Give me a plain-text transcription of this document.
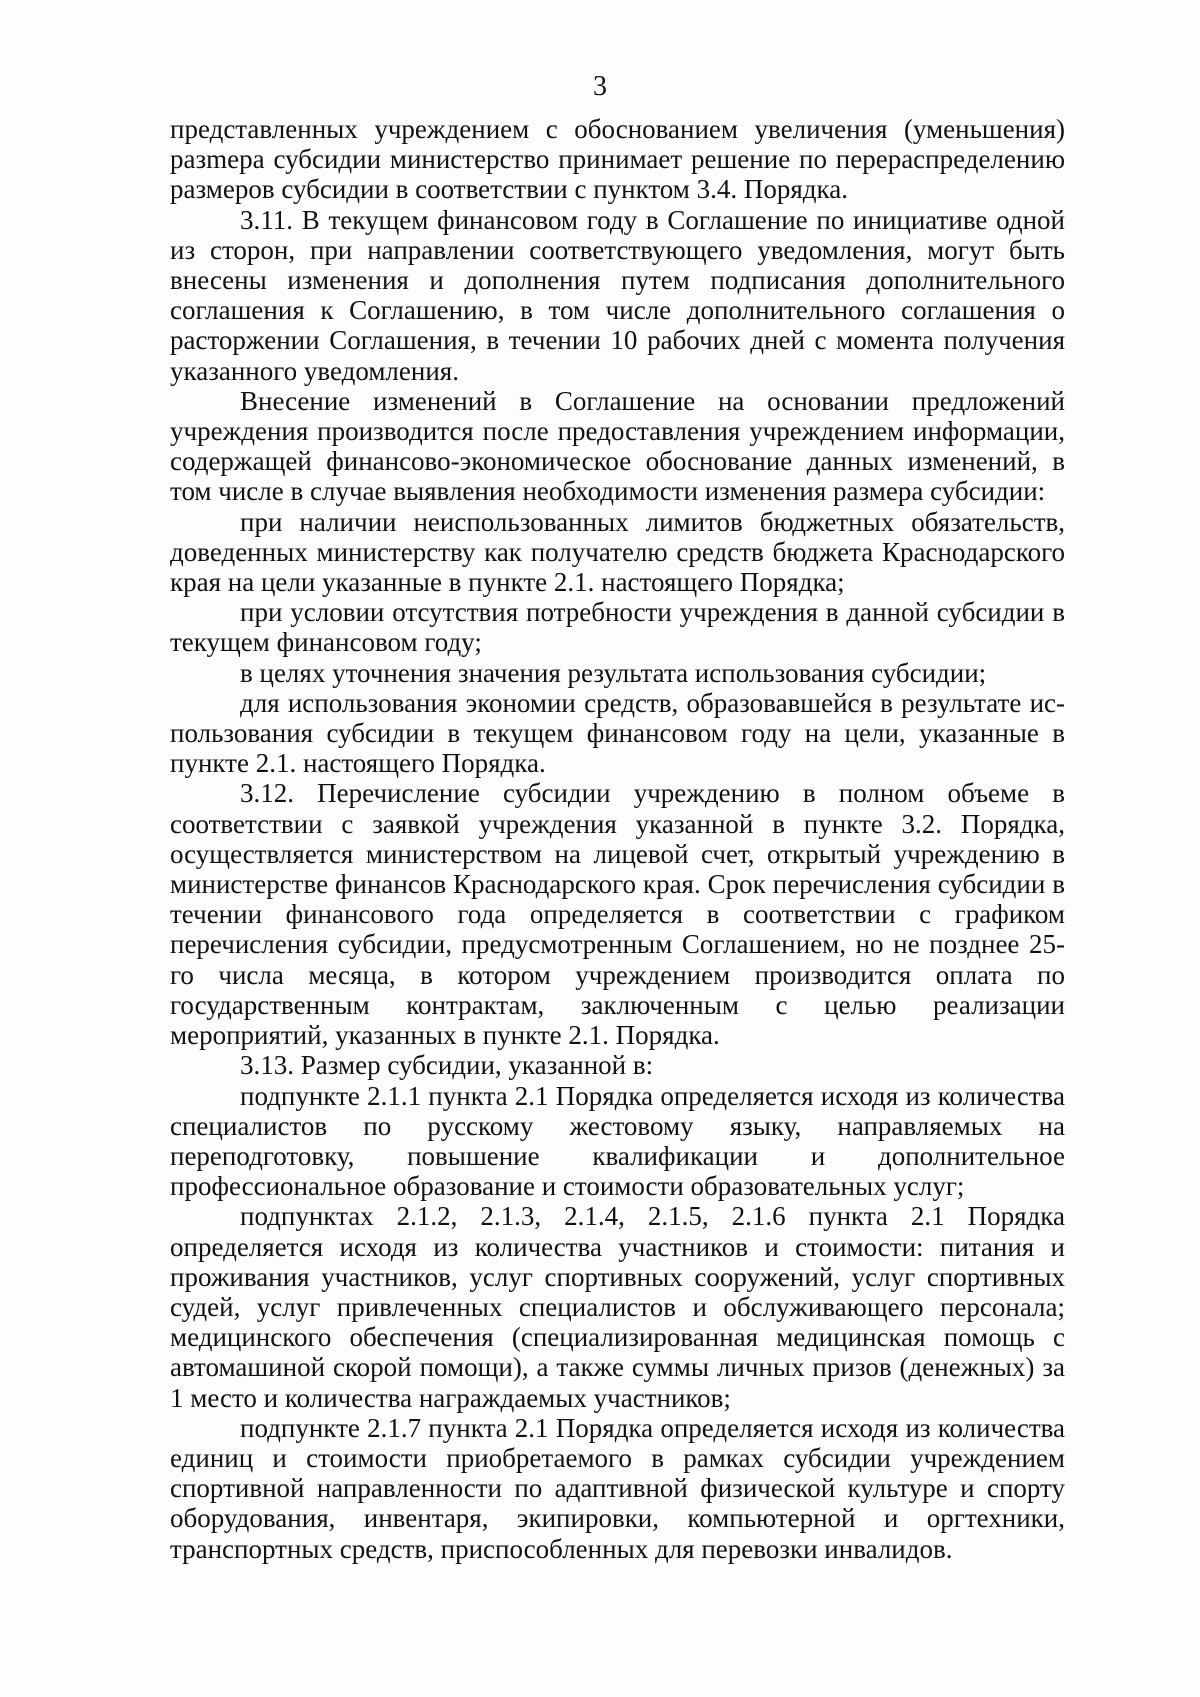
3

представленных учреждением с обоснованием увеличения (уменьшения) разmера субсидии министерство принимает решение по перераспределению размеров субсидии в соответствии с пунктом 3.4. Порядка.

3.11. В текущем финансовом году в Соглашение по инициативе одной из сторон, при направлении соответствующего уведомления, могут быть внесены изменения и дополнения путем подписания дополнительного соглашения к Соглашению, в том числе дополнительного соглашения о расторжении Соглашения, в течении 10 рабочих дней с момента получения указанного уведомления.

Внесение изменений в Соглашение на основании предложений учреждения производится после предоставления учреждением информации, содержащей финансово-экономическое обоснование данных изменений, в том числе в случае выявления необходимости изменения размера субсидии:

при наличии неиспользованных лимитов бюджетных обязательств, доведенных министерству как получателю средств бюджета Краснодарского края на цели указанные в пункте 2.1. настоящего Порядка;

при условии отсутствия потребности учреждения в данной субсидии в текущем финансовом году;

в целях уточнения значения результата использования субсидии;

для использования экономии средств, образовавшейся в результате использования субсидии в текущем финансовом году на цели, указанные в пункте 2.1. настоящего Порядка.

3.12. Перечисление субсидии учреждению в полном объеме в соответствии с заявкой учреждения указанной в пункте 3.2. Порядка, осуществляется министерством на лицевой счет, открытый учреждению в министерстве финансов Краснодарского края. Срок перечисления субсидии в течении финансового года определяется в соответствии с графиком перечисления субсидии, предусмотренным Соглашением, но не позднее 25-го числа месяца, в котором учреждением производится оплата по государственным контрактам, заключенным с целью реализации мероприятий, указанных в пункте 2.1. Порядка.

3.13. Размер субсидии, указанной в:

подпункте 2.1.1 пункта 2.1 Порядка определяется исходя из количества специалистов по русскому жестовому языку, направляемых на переподготовку, повышение квалификации и дополнительное профессиональное образование и стоимости образовательных услуг;

подпунктах 2.1.2, 2.1.3, 2.1.4, 2.1.5, 2.1.6 пункта 2.1 Порядка определяется исходя из количества участников и стоимости: питания и проживания участников, услуг спортивных сооружений, услуг спортивных судей, услуг привлеченных специалистов и обслуживающего персонала; медицинского обеспечения (специализированная медицинская помощь с автомашиной скорой помощи), а также суммы личных призов (денежных) за 1 место и количества награждаемых участников;

подпункте 2.1.7 пункта 2.1 Порядка определяется исходя из количества единиц и стоимости приобретаемого в рамках субсидии учреждением спортивной направленности по адаптивной физической культуре и спорту оборудования, инвентаря, экипировки, компьютерной и оргтехники, транспортных средств, приспособленных для перевозки инвалидов.
